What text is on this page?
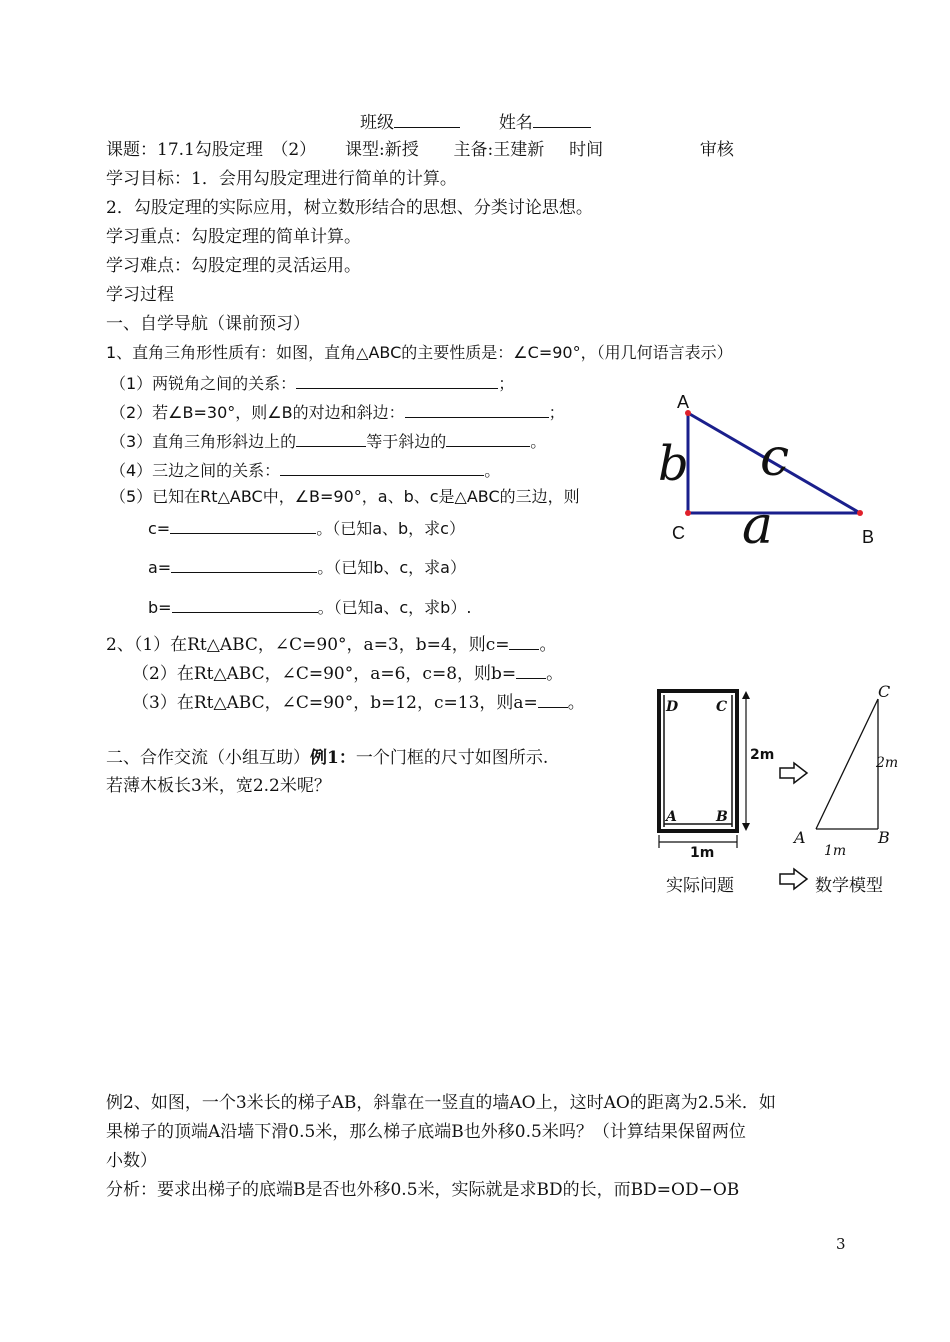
班级	姓名
课题：17.1勾股定理　（2） 课型:新授 主备:王建新 时间	审核
学习目标：1．会用勾股定理进行简单的计算。
2．勾股定理的实际应用，树立数形结合的思想、分类讨论思想。
学习重点：勾股定理的简单计算。
学习难点：勾股定理的灵活运用。
学习过程
一、自学导航（课前预习）
1、直角三角形性质有：如图，直角△ABC的主要性质是：∠C=90°，（用几何语言表示）
（1）两锐角之间的关系：	；
（2）若∠B=30°，则∠B的对边和斜边：	；
（3）直角三角形斜边上的	等于斜边的	。
（4）三边之间的关系：	。
（5）已知在Rt△ABC中，∠B=90°，a、b、c是△ABC的三边，则
c=	。（已知a、b，求c）
a=	。（已知b、c，求a）
b=	。（已知a、c，求b）.
A
C	B
b c
a
2、（1）在Rt△ABC，∠C=90°，a=3，b=4，则c= 。
（2）在Rt△ABC，∠C=90°，a=6，c=8，则b= 。
（3）在Rt△ABC，∠C=90°，b=12，c=13，则a= 。
二、合作交流（小组互助）例1：一个门框的尺寸如图所示.
若薄木板长3米，宽2.2米呢？
D	C
A	B
2m
1m
C
2m
A	B
1m
实际问题	数学模型
例2、如图，一个3米长的梯子AB，斜靠在一竖直的墙AO上，这时AO的距离为2.5米．如
果梯子的顶端A沿墙下滑0.5米，那么梯子底端B也外移0.5米吗？（计算结果保留两位
小数）
分析：要求出梯子的底端B是否也外移0.5米，实际就是求BD的长，而BD=OD−OB
3
